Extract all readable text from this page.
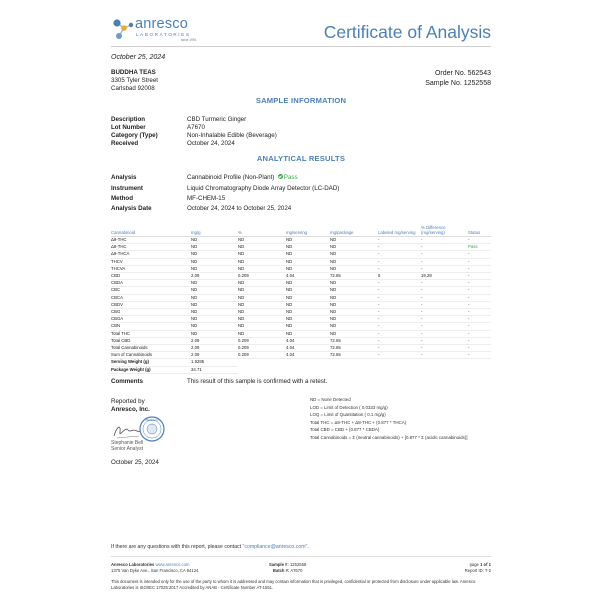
anresco
LABORATORIES
since 1991	Certificate of Analysis
October 25, 2024
BUDDHA TEAS
3305 Tyler Street
Carlsbad 92008
Order No. 562543
Sample No. 1252558
SAMPLE INFORMATION
Description	CBD Turmeric Ginger
Lot Number	A7670
Category (Type)	Non-Inhalable Edible (Beverage)
Received	October 24, 2024
ANALYTICAL RESULTS
Analysis	Cannabinoid Profile (Non-Plant) Pass
Instrument	Liquid Chromatography Diode Array Detector (LC-DAD)
Method	MF-CHEM-15
Analysis Date	October 24, 2024 to October 25, 2024
Cannabinoid	mg/g	%	mg/serving	mg/package	Labeled mg/serving	% Difference (mg/serving)	Status
Δ9-THC	ND	ND	ND	ND	-	-	-
Δ8-THC	ND	ND	ND	ND	-	-	Pass
Δ9-THCA	ND	ND	ND	ND	-	-	-
THCV	ND	ND	ND	ND	-	-	-
THCVA	ND	ND	ND	ND	-	-	-
CBD	2.09	0.209	4.04	72.65	5	19.28	-
CBDA	ND	ND	ND	ND	-	-	-
CBC	ND	ND	ND	ND	-	-	-
CBCA	ND	ND	ND	ND	-	-	-
CBDV	ND	ND	ND	ND	-	-	-
CBG	ND	ND	ND	ND	-	-	-
CBGA	ND	ND	ND	ND	-	-	-
CBN	ND	ND	ND	ND	-	-	-
Total THC	ND	ND	ND	ND	-	-	-
Total CBD	2.09	0.209	4.04	72.65	-	-	-
Total Cannabinoids	2.09	0.209	4.04	72.65	-	-	-
Sum of Cannabinoids	2.09	0.209	4.04	72.65	-	-	-
Serving Weight (g)	1.9285						
Package Weight (g)	34.71						
Comments	This result of this sample is confirmed with a retest.
Reported by
Anresco, Inc.
ANRESCO
Stephanie Bell
Senior Analyst
October 25, 2024
ND = None Detected
LOD = Limit of Detection ( 0.0333 mg/g)
LOQ = Limit of Quantitation ( 0.1 mg/g)
Total THC = Δ9-THC + Δ8-THC + (0.877 * THCA)
Total CBD = CBD + (0.877 * CBDA)
Total Cannabinoids = Σ (neutral cannabinoids) + [0.877 * Σ (acidic cannabinoids)]
If there are any questions with this report, please contact "compliance@anresco.com".
Anresco Laboratories www.anresco.com
1375 Van Dyke Ave., San Francisco, CA 94124
Sample #: 1252558
Batch #: A7670
page 1 of 1
Report ID: T-2
This document is intended only for the use of the party to whom it is addressed and may contain information that is privileged, confidential or protected from disclosure under applicable law. Anresco Laboratories is ISO/IEC 17025:2017 Accredited by ANAB - Certificate Number AT-1551.
